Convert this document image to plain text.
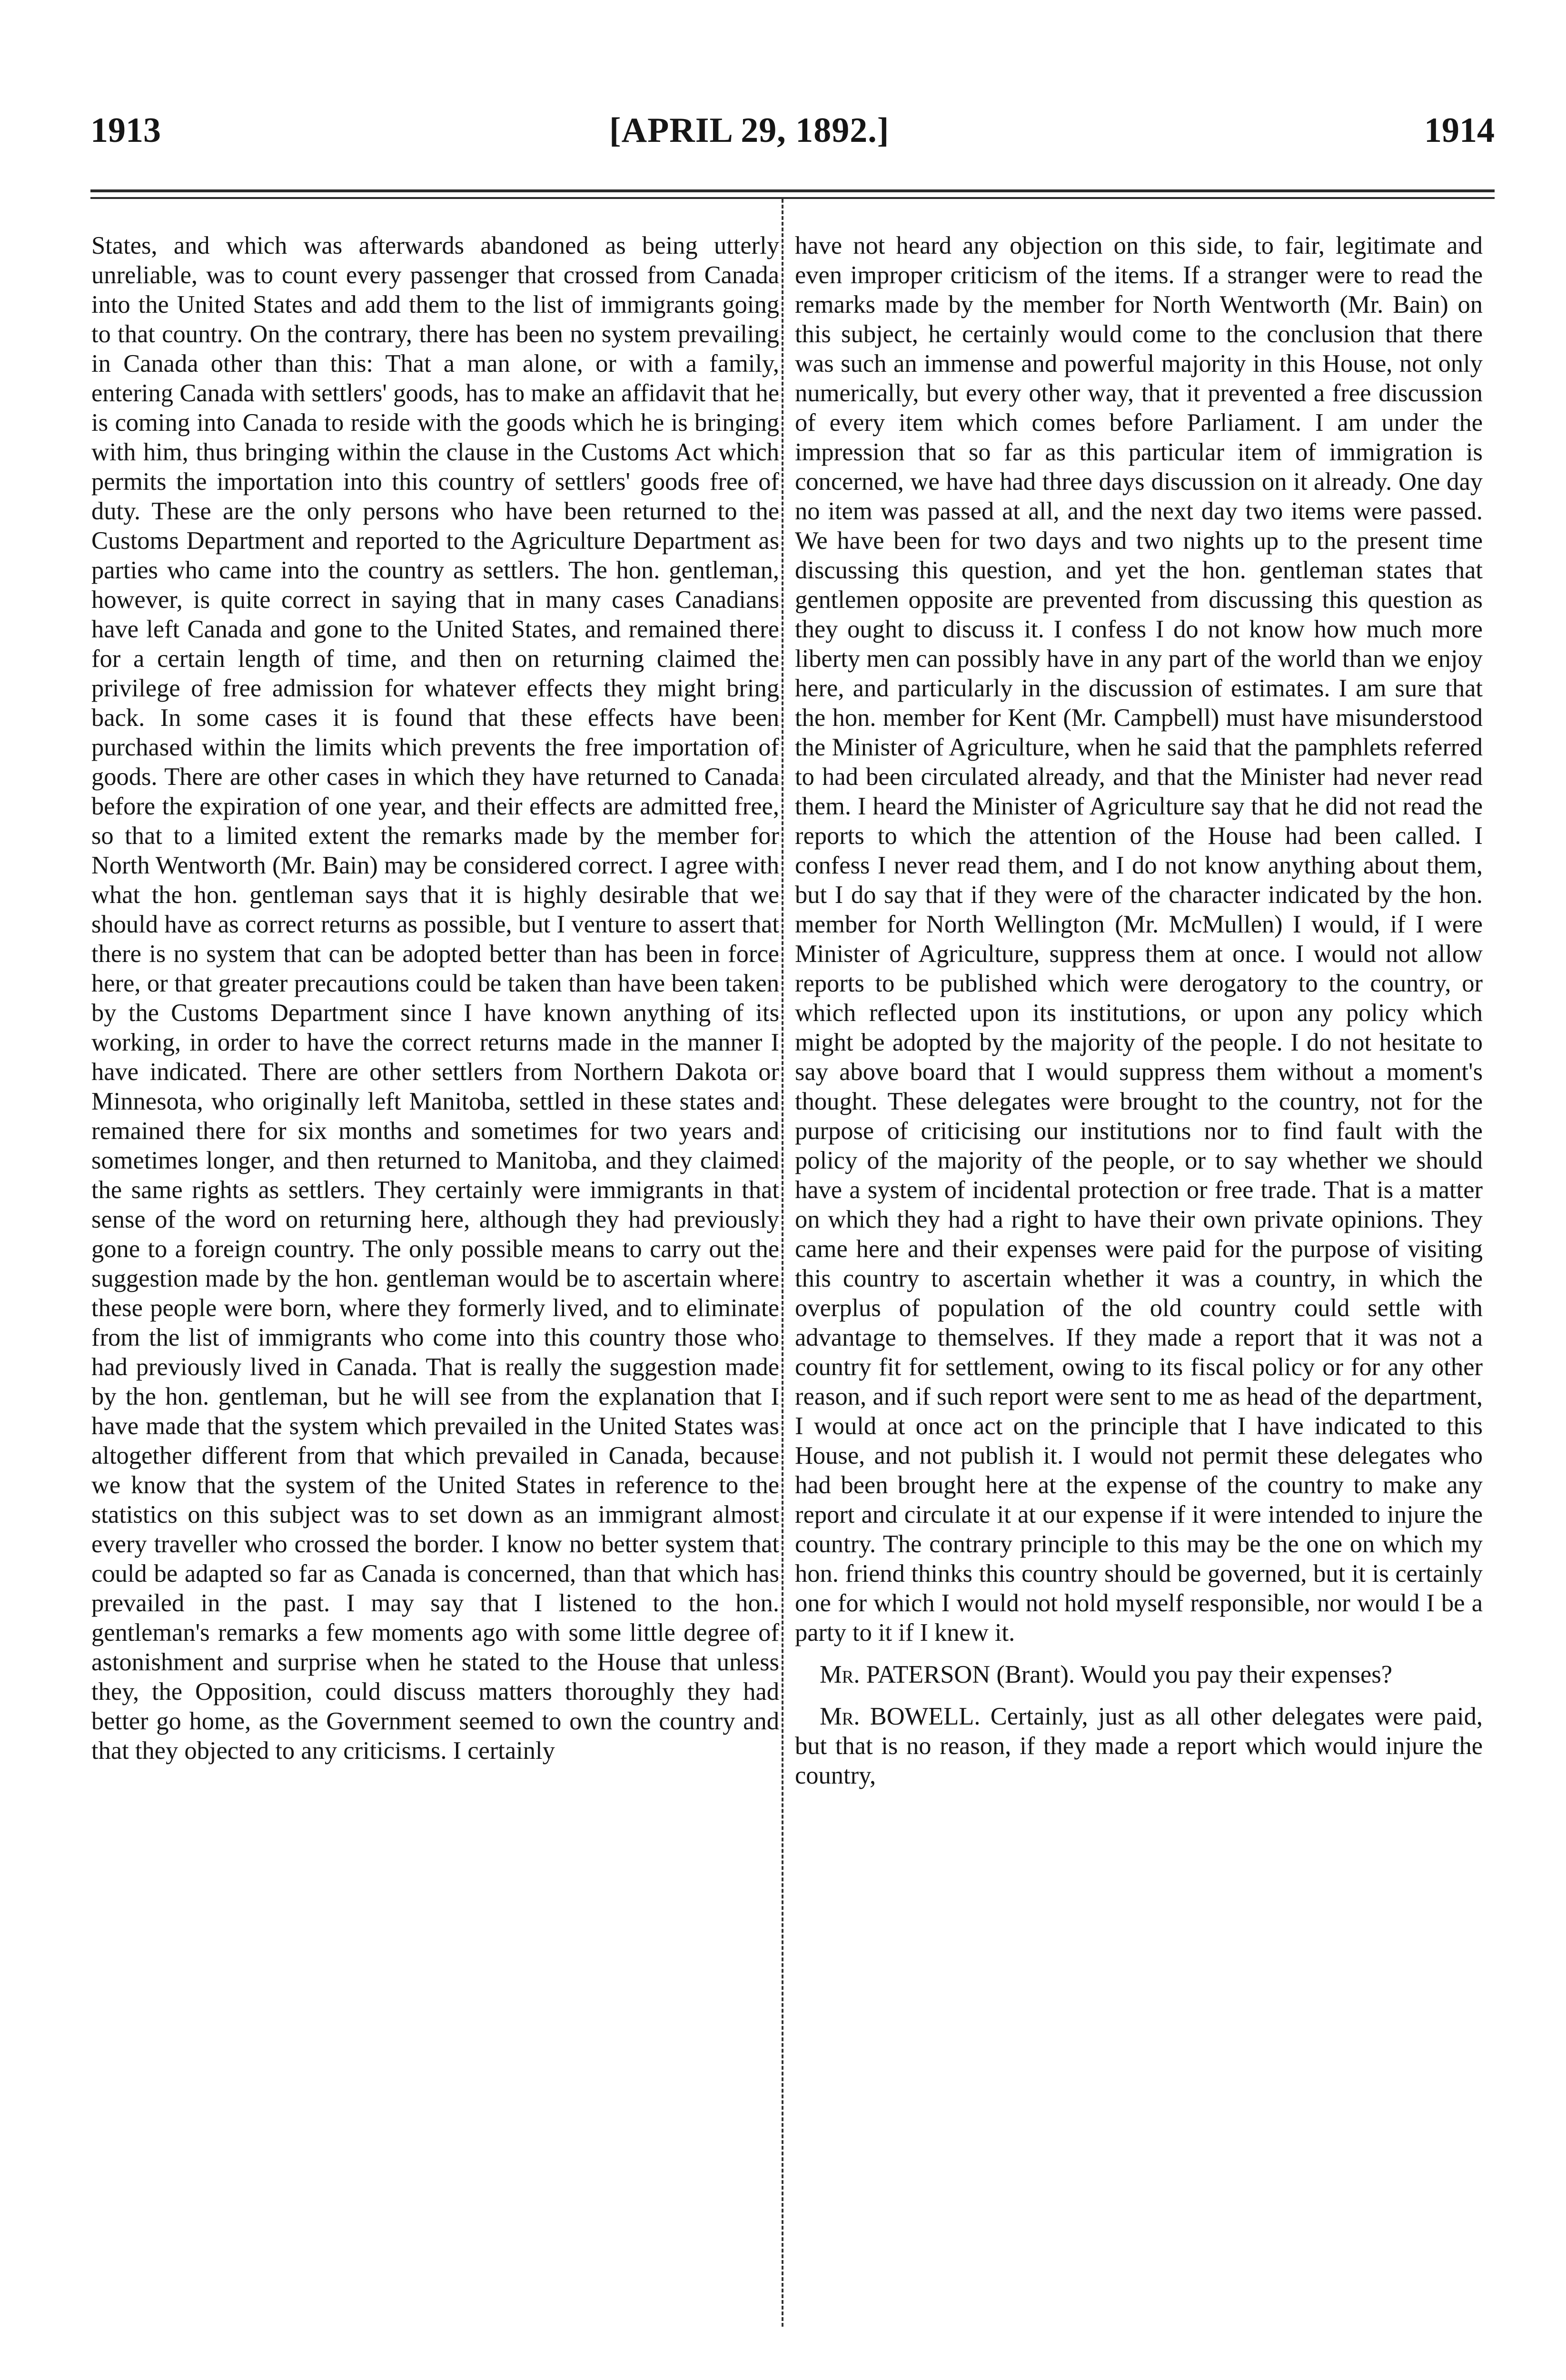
1913	[APRIL 29, 1892.]	1914

States, and which was afterwards abandoned as being utterly unreliable, was to count every passenger that crossed from Canada into the United States and add them to the list of immigrants going to that country. On the contrary, there has been no system prevailing in Canada other than this: That a man alone, or with a family, entering Canada with settlers' goods, has to make an affidavit that he is coming into Canada to reside with the goods which he is bringing with him, thus bringing within the clause in the Customs Act which permits the importation into this country of settlers' goods free of duty. These are the only persons who have been returned to the Customs Department and reported to the Agriculture Department as parties who came into the country as settlers. The hon. gentleman, however, is quite correct in saying that in many cases Canadians have left Canada and gone to the United States, and remained there for a certain length of time, and then on returning claimed the privilege of free admission for whatever effects they might bring back. In some cases it is found that these effects have been purchased within the limits which prevents the free importation of goods. There are other cases in which they have returned to Canada before the expiration of one year, and their effects are admitted free, so that to a limited extent the remarks made by the member for North Wentworth (Mr. Bain) may be considered correct. I agree with what the hon. gentleman says that it is highly desirable that we should have as correct returns as possible, but I venture to assert that there is no system that can be adopted better than has been in force here, or that greater precautions could be taken than have been taken by the Customs Department since I have known anything of its working, in order to have the correct returns made in the manner I have indicated. There are other settlers from Northern Dakota or Minnesota, who originally left Manitoba, settled in these states and remained there for six months and sometimes for two years and sometimes longer, and then returned to Manitoba, and they claimed the same rights as settlers. They certainly were immigrants in that sense of the word on returning here, although they had previously gone to a foreign country. The only possible means to carry out the suggestion made by the hon. gentleman would be to ascertain where these people were born, where they formerly lived, and to eliminate from the list of immigrants who come into this country those who had previously lived in Canada. That is really the suggestion made by the hon. gentleman, but he will see from the explanation that I have made that the system which prevailed in the United States was altogether different from that which prevailed in Canada, because we know that the system of the United States in reference to the statistics on this subject was to set down as an immigrant almost every traveller who crossed the border. I know no better system that could be adapted so far as Canada is concerned, than that which has prevailed in the past. I may say that I listened to the hon. gentleman's remarks a few moments ago with some little degree of astonishment and surprise when he stated to the House that unless they, the Opposition, could discuss matters thoroughly they had better go home, as the Government seemed to own the country and that they objected to any criticisms. I certainly

have not heard any objection on this side, to fair, legitimate and even improper criticism of the items. If a stranger were to read the remarks made by the member for North Wentworth (Mr. Bain) on this subject, he certainly would come to the conclusion that there was such an immense and powerful majority in this House, not only numerically, but every other way, that it prevented a free discussion of every item which comes before Parliament. I am under the impression that so far as this particular item of immigration is concerned, we have had three days discussion on it already. One day no item was passed at all, and the next day two items were passed. We have been for two days and two nights up to the present time discussing this question, and yet the hon. gentleman states that gentlemen opposite are prevented from discussing this question as they ought to discuss it. I confess I do not know how much more liberty men can possibly have in any part of the world than we enjoy here, and particularly in the discussion of estimates. I am sure that the hon. member for Kent (Mr. Campbell) must have misunderstood the Minister of Agriculture, when he said that the pamphlets referred to had been circulated already, and that the Minister had never read them. I heard the Minister of Agriculture say that he did not read the reports to which the attention of the House had been called. I confess I never read them, and I do not know anything about them, but I do say that if they were of the character indicated by the hon. member for North Wellington (Mr. McMullen) I would, if I were Minister of Agriculture, suppress them at once. I would not allow reports to be published which were derogatory to the country, or which reflected upon its institutions, or upon any policy which might be adopted by the majority of the people. I do not hesitate to say above board that I would suppress them without a moment's thought. These delegates were brought to the country, not for the purpose of criticising our institutions nor to find fault with the policy of the majority of the people, or to say whether we should have a system of incidental protection or free trade. That is a matter on which they had a right to have their own private opinions. They came here and their expenses were paid for the purpose of visiting this country to ascertain whether it was a country, in which the overplus of population of the old country could settle with advantage to themselves. If they made a report that it was not a country fit for settlement, owing to its fiscal policy or for any other reason, and if such report were sent to me as head of the department, I would at once act on the principle that I have indicated to this House, and not publish it. I would not permit these delegates who had been brought here at the expense of the country to make any report and circulate it at our expense if it were intended to injure the country. The contrary principle to this may be the one on which my hon. friend thinks this country should be governed, but it is certainly one for which I would not hold myself responsible, nor would I be a party to it if I knew it.

Mr. PATERSON (Brant). Would you pay their expenses?

Mr. BOWELL. Certainly, just as all other delegates were paid, but that is no reason, if they made a report which would injure the country,
